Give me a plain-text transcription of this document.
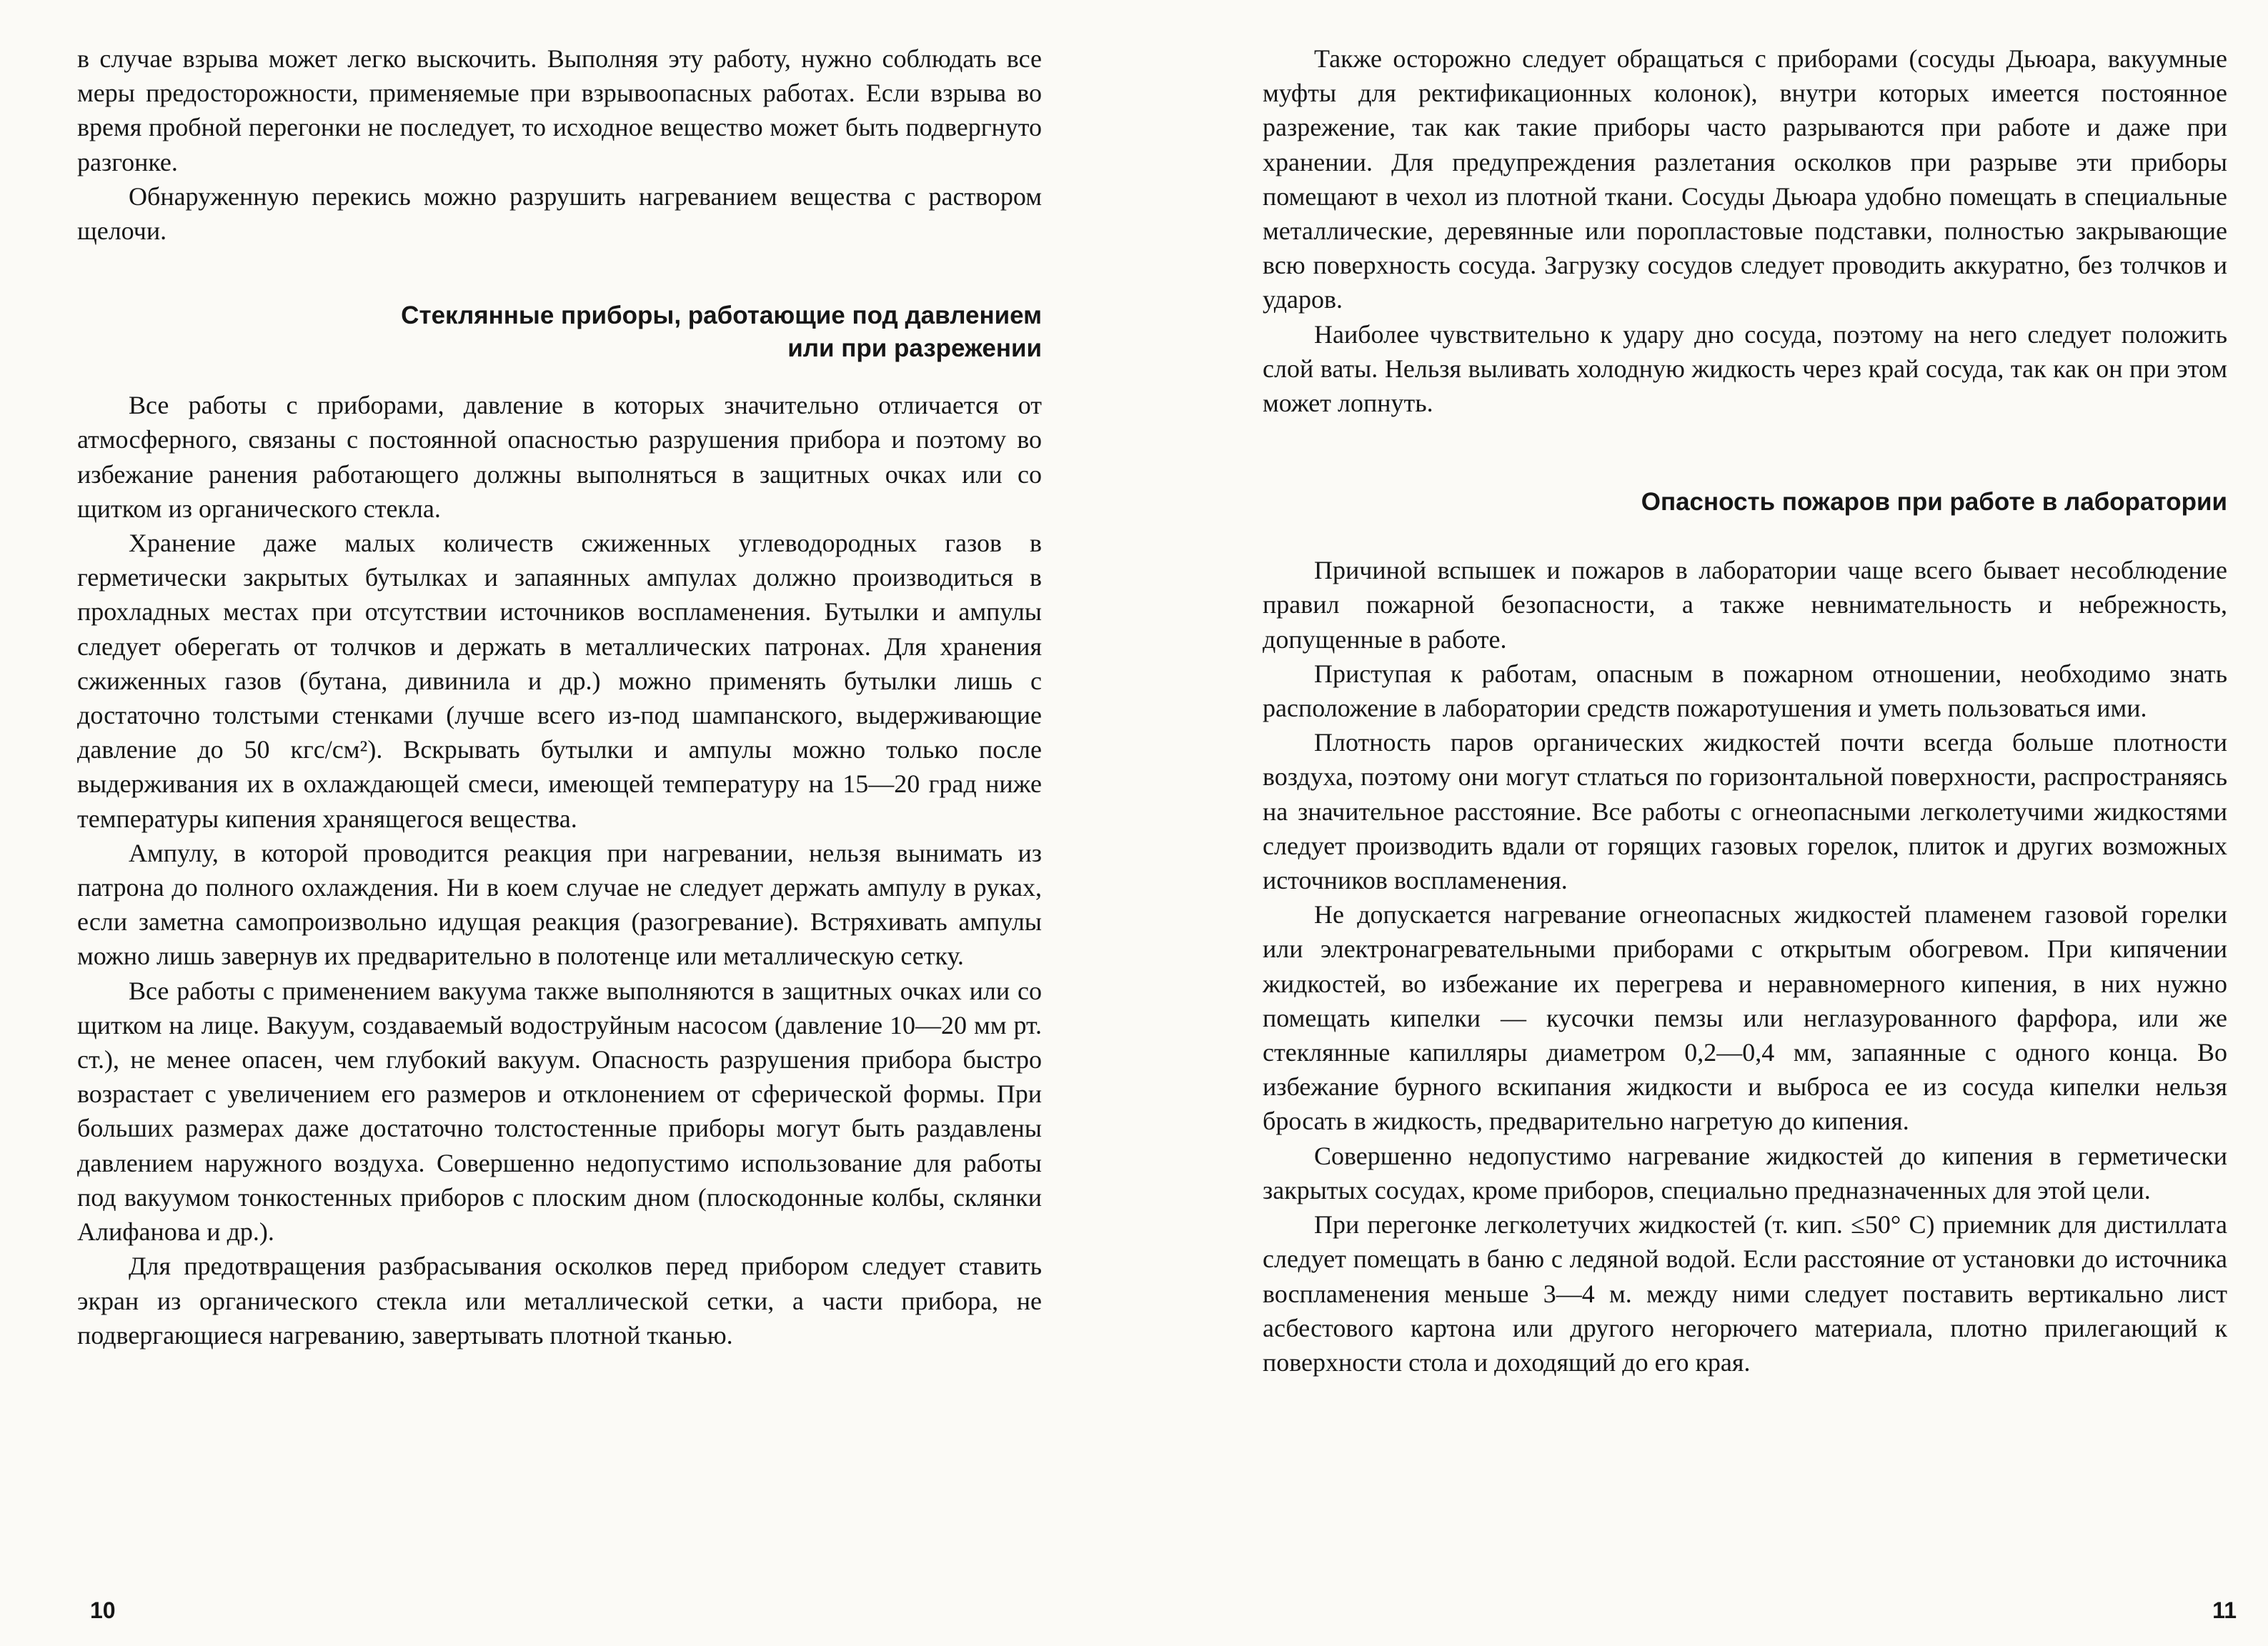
в случае взрыва может легко выскочить. Выполняя эту работу, нужно соблюдать все меры предосторожности, применяемые при взрывоопасных работах. Если взрыва во время пробной перегонки не последует, то исходное вещество может быть подвергнуто разгонке.

Обнаруженную перекись можно разрушить нагреванием вещества с раствором щелочи.

Стеклянные приборы, работающие под давлением

или при разрежении

Все работы с приборами, давление в которых значительно отличается от атмосферного, связаны с постоянной опасностью разрушения прибора и поэтому во избежание ранения работающего должны выполняться в защитных очках или со щитком из органического стекла.

Хранение даже малых количеств сжиженных углеводородных газов в герметически закрытых бутылках и запаянных ампулах должно производиться в прохладных местах при отсутствии источников воспламенения. Бутылки и ампулы следует оберегать от толчков и держать в металлических патронах. Для хранения сжиженных газов (бутана, дивинила и др.) можно применять бутылки лишь с достаточно толстыми стенками (лучше всего из-под шампанского, выдерживающие давление до 50 кгс/см²). Вскрывать бутылки и ампулы можно только после выдерживания их в охлаждающей смеси, имеющей температуру на 15—20 град ниже температуры кипения хранящегося вещества.

Ампулу, в которой проводится реакция при нагревании, нельзя вынимать из патрона до полного охлаждения. Ни в коем случае не следует держать ампулу в руках, если заметна самопроизвольно идущая реакция (разогревание). Встряхивать ампулы можно лишь завернув их предварительно в полотенце или металлическую сетку.

Все работы с применением вакуума также выполняются в защитных очках или со щитком на лице. Вакуум, создаваемый водоструйным насосом (давление 10—20 мм рт. ст.), не менее опасен, чем глубокий вакуум. Опасность разрушения прибора быстро возрастает с увеличением его размеров и отклонением от сферической формы. При больших размерах даже достаточно толстостенные приборы могут быть раздавлены давлением наружного воздуха. Совершенно недопустимо использование для работы под вакуумом тонкостенных приборов с плоским дном (плоскодонные колбы, склянки Алифанова и др.).

Для предотвращения разбрасывания осколков перед прибором следует ставить экран из органического стекла или металлической сетки, а части прибора, не подвергающиеся нагреванию, завертывать плотной тканью.

10

Также осторожно следует обращаться с приборами (сосуды Дьюара, вакуумные муфты для ректификационных колонок), внутри которых имеется постоянное разрежение, так как такие приборы часто разрываются при работе и даже при хранении. Для предупреждения разлетания осколков при разрыве эти приборы помещают в чехол из плотной ткани. Сосуды Дьюара удобно помещать в специальные металлические, деревянные или поропластовые подставки, полностью закрывающие всю поверхность сосуда. Загрузку сосудов следует проводить аккуратно, без толчков и ударов.

Наиболее чувствительно к удару дно сосуда, поэтому на него следует положить слой ваты. Нельзя выливать холодную жидкость через край сосуда, так как он при этом может лопнуть.

Опасность пожаров при работе в лаборатории

Причиной вспышек и пожаров в лаборатории чаще всего бывает несоблюдение правил пожарной безопасности, а также невнимательность и небрежность, допущенные в работе.

Приступая к работам, опасным в пожарном отношении, необходимо знать расположение в лаборатории средств пожаротушения и уметь пользоваться ими.

Плотность паров органических жидкостей почти всегда больше плотности воздуха, поэтому они могут стлаться по горизонтальной поверхности, распространяясь на значительное расстояние. Все работы с огнеопасными легколетучими жидкостями следует производить вдали от горящих газовых горелок, плиток и других возможных источников воспламенения.

Не допускается нагревание огнеопасных жидкостей пламенем газовой горелки или электронагревательными приборами с открытым обогревом. При кипячении жидкостей, во избежание их перегрева и неравномерного кипения, в них нужно помещать кипелки — кусочки пемзы или неглазурованного фарфора, или же стеклянные капилляры диаметром 0,2—0,4 мм, запаянные с одного конца. Во избежание бурного вскипания жидкости и выброса ее из сосуда кипелки нельзя бросать в жидкость, предварительно нагретую до кипения.

Совершенно недопустимо нагревание жидкостей до кипения в герметически закрытых сосудах, кроме приборов, специально предназначенных для этой цели.

При перегонке легколетучих жидкостей (т. кип. ≤50° С) приемник для дистиллата следует помещать в баню с ледяной водой. Если расстояние от установки до источника воспламенения меньше 3—4 м. между ними следует поставить вертикально лист асбестового картона или другого негорючего материала, плотно прилегающий к поверхности стола и доходящий до его края.

11
